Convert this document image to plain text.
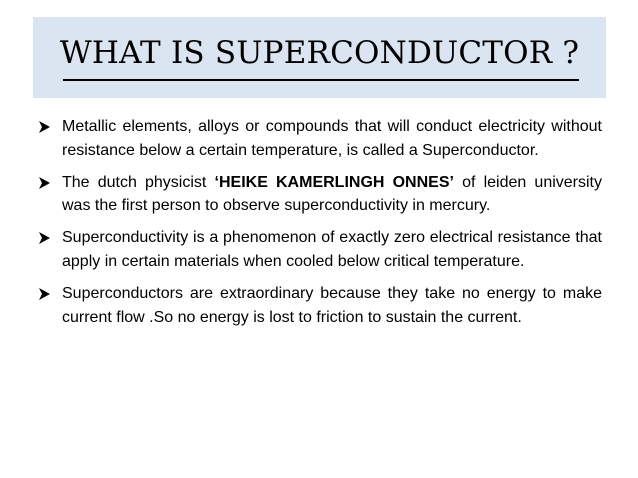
WHAT IS SUPERCONDUCTOR ?
Metallic elements, alloys or compounds that will conduct electricity without resistance below a certain temperature, is called a Superconductor.
The dutch physicist ‘HEIKE KAMERLINGH ONNES’ of leiden university was the first person to observe superconductivity in mercury.
Superconductivity is a phenomenon of exactly zero electrical resistance that apply in certain materials when cooled below critical temperature.
Superconductors are extraordinary because they take no energy to make current flow .So no energy is lost to friction to sustain the current.
